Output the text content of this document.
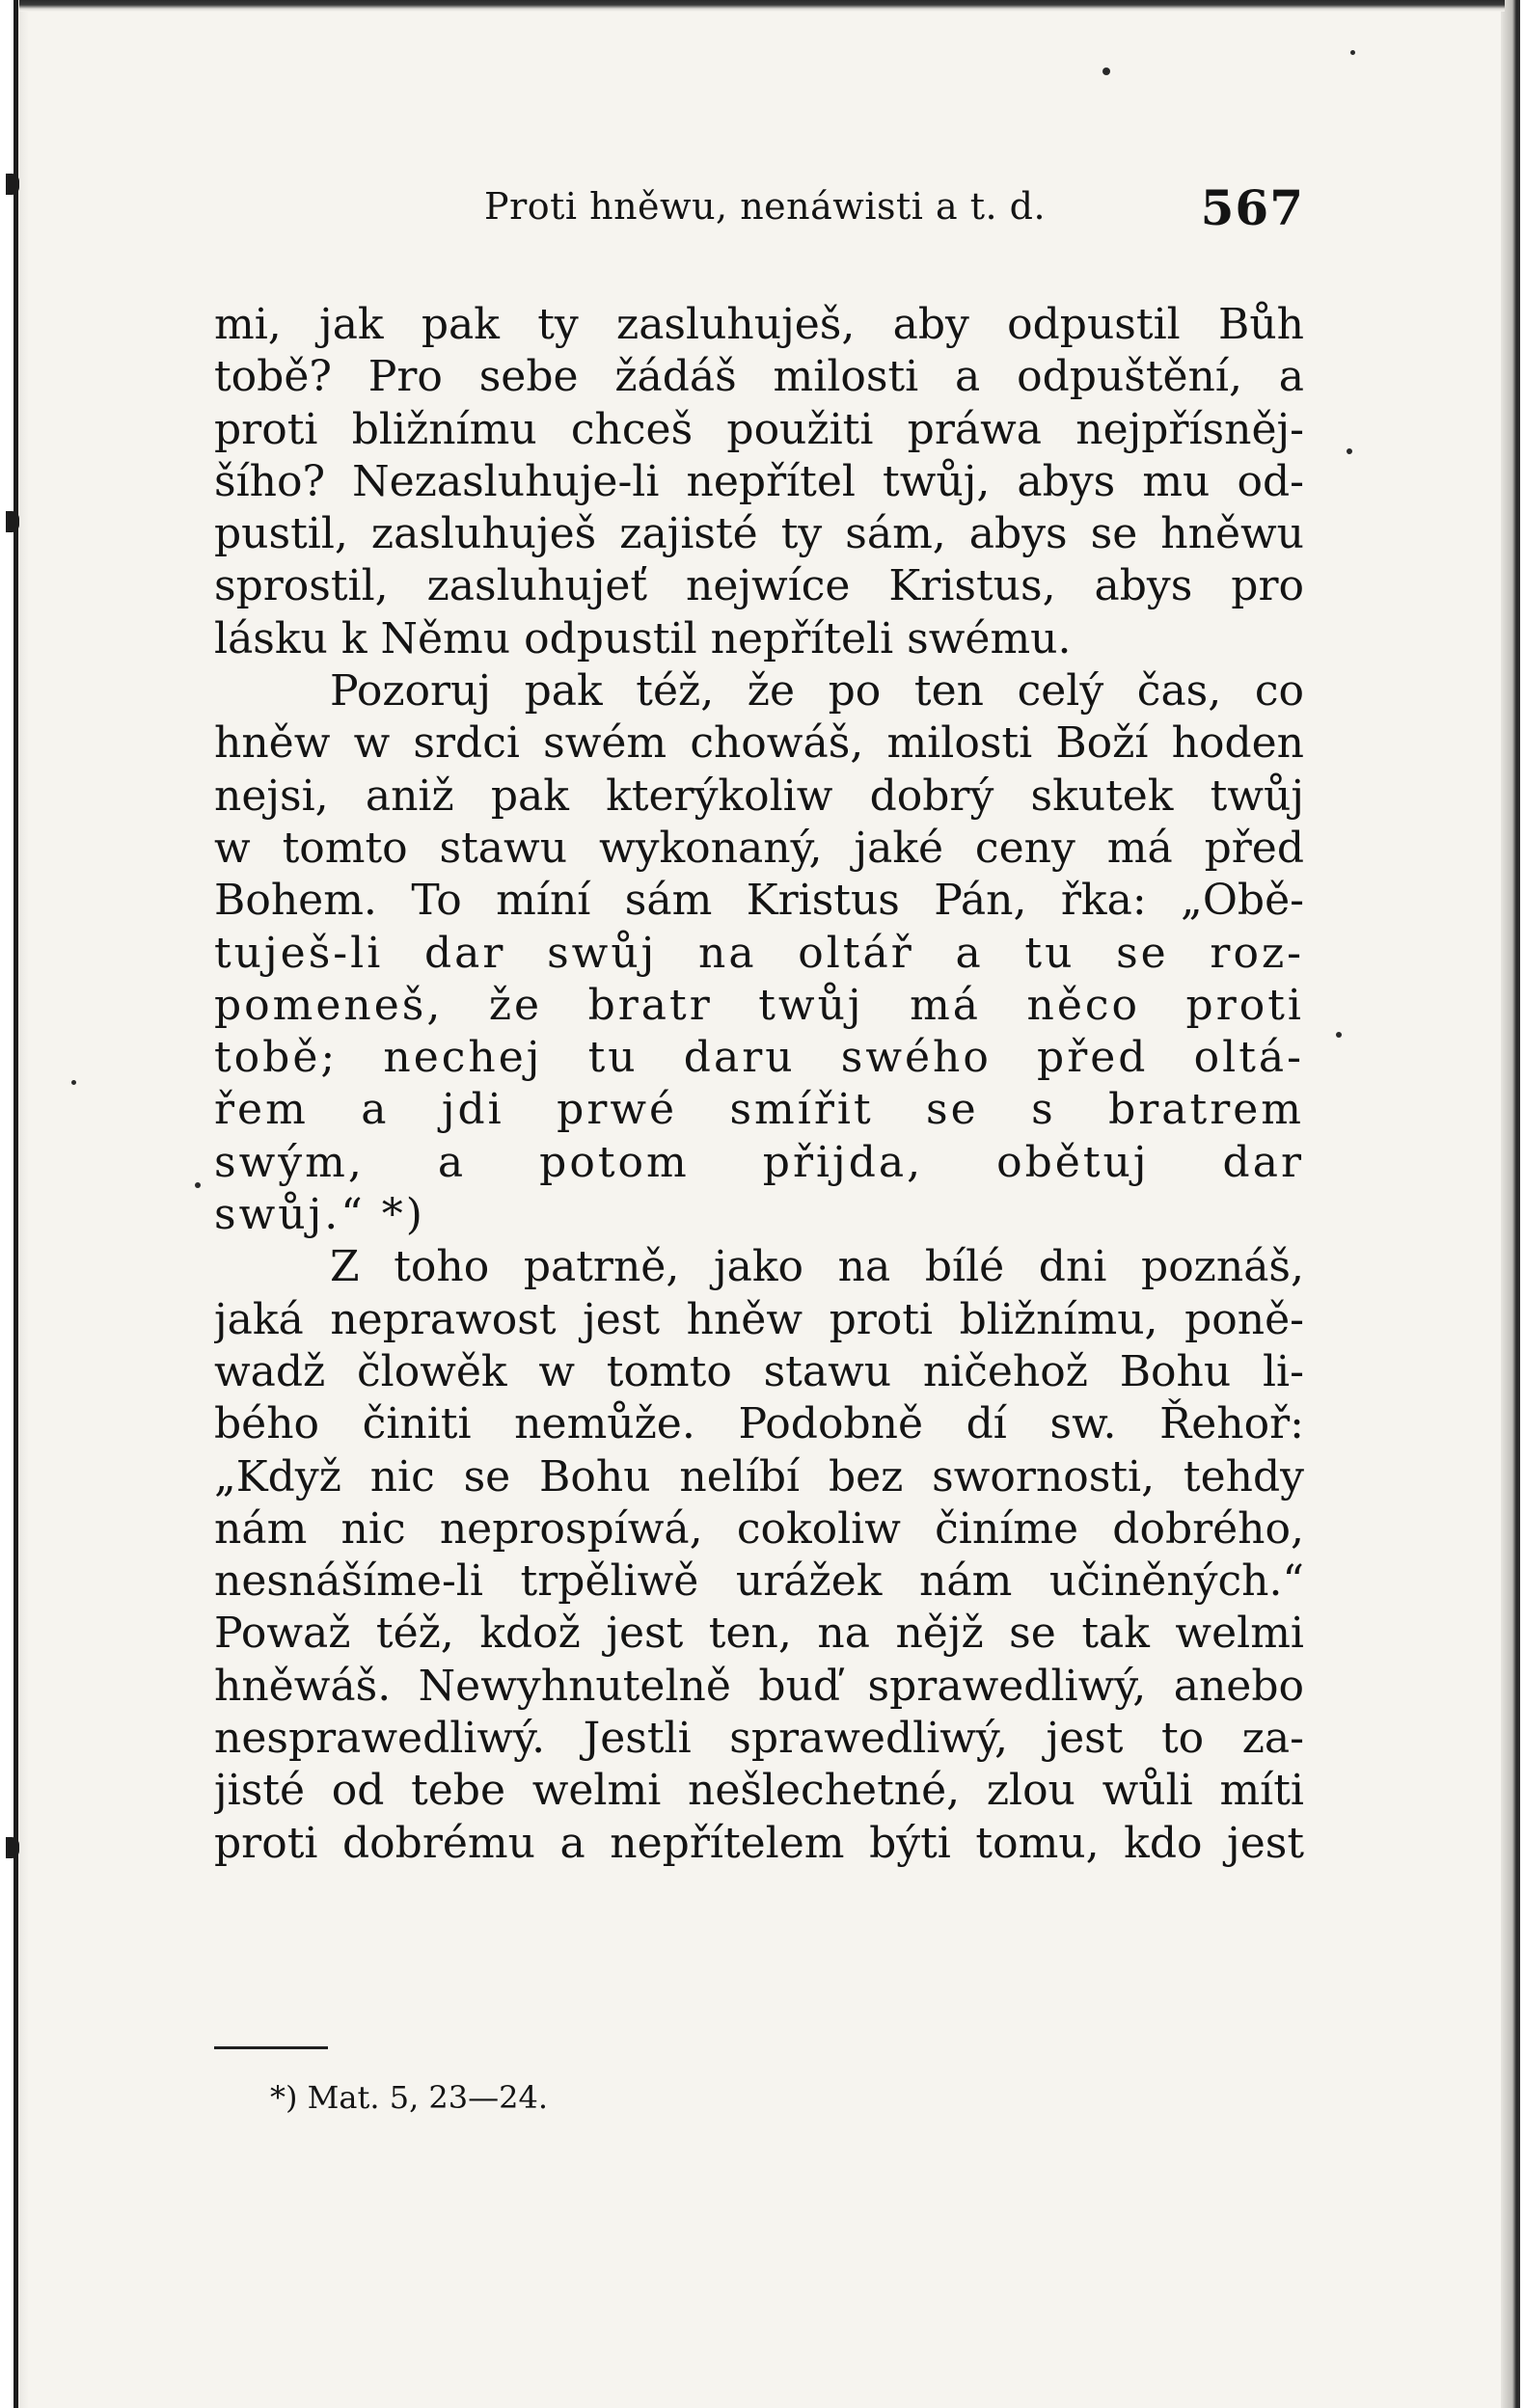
Proti hněwu, nenáwisti a t. d.	567
mi, jak pak ty zasluhuješ, aby odpustil Bůh
tobě? Pro sebe žádáš milosti a odpuštění, a
proti bližnímu chceš použiti práwa nejpřísněj-
šího? Nezasluhuje-li nepřítel twůj, abys mu od-
pustil, zasluhuješ zajisté ty sám, abys se hněwu
sprostil, zasluhujeť nejwíce Kristus, abys pro
lásku k Němu odpustil nepříteli swému.
Pozoruj pak též, že po ten celý čas, co
hněw w srdci swém chowáš, milosti Boží hoden
nejsi, aniž pak kterýkoliw dobrý skutek twůj
w tomto stawu wykonaný, jaké ceny má před
Bohem. To míní sám Kristus Pán, řka: „Obě-
tuješ-li dar swůj na oltář a tu se roz-
pomeneš, že bratr twůj má něco proti
tobě; nechej tu daru swého před oltá-
řem a jdi prwé smířit se s bratrem
swým, a potom přijda, obětuj dar
swůj.“ *)
Z toho patrně, jako na bílé dni poznáš,
jaká neprawost jest hněw proti bližnímu, poně-
wadž člowěk w tomto stawu ničehož Bohu li-
bého činiti nemůže. Podobně dí sw. Řehoř:
„Když nic se Bohu nelíbí bez swornosti, tehdy
nám nic neprospíwá, cokoliw činíme dobrého,
nesnášíme-li trpěliwě urážek nám učiněných.“
Powaž též, kdož jest ten, na nějž se tak welmi
hněwáš. Newyhnutelně buď sprawedliwý, anebo
nesprawedliwý. Jestli sprawedliwý, jest to za-
jisté od tebe welmi nešlechetné, zlou wůli míti
proti dobrému a nepřítelem býti tomu, kdo jest
*) Mat. 5, 23—24.
